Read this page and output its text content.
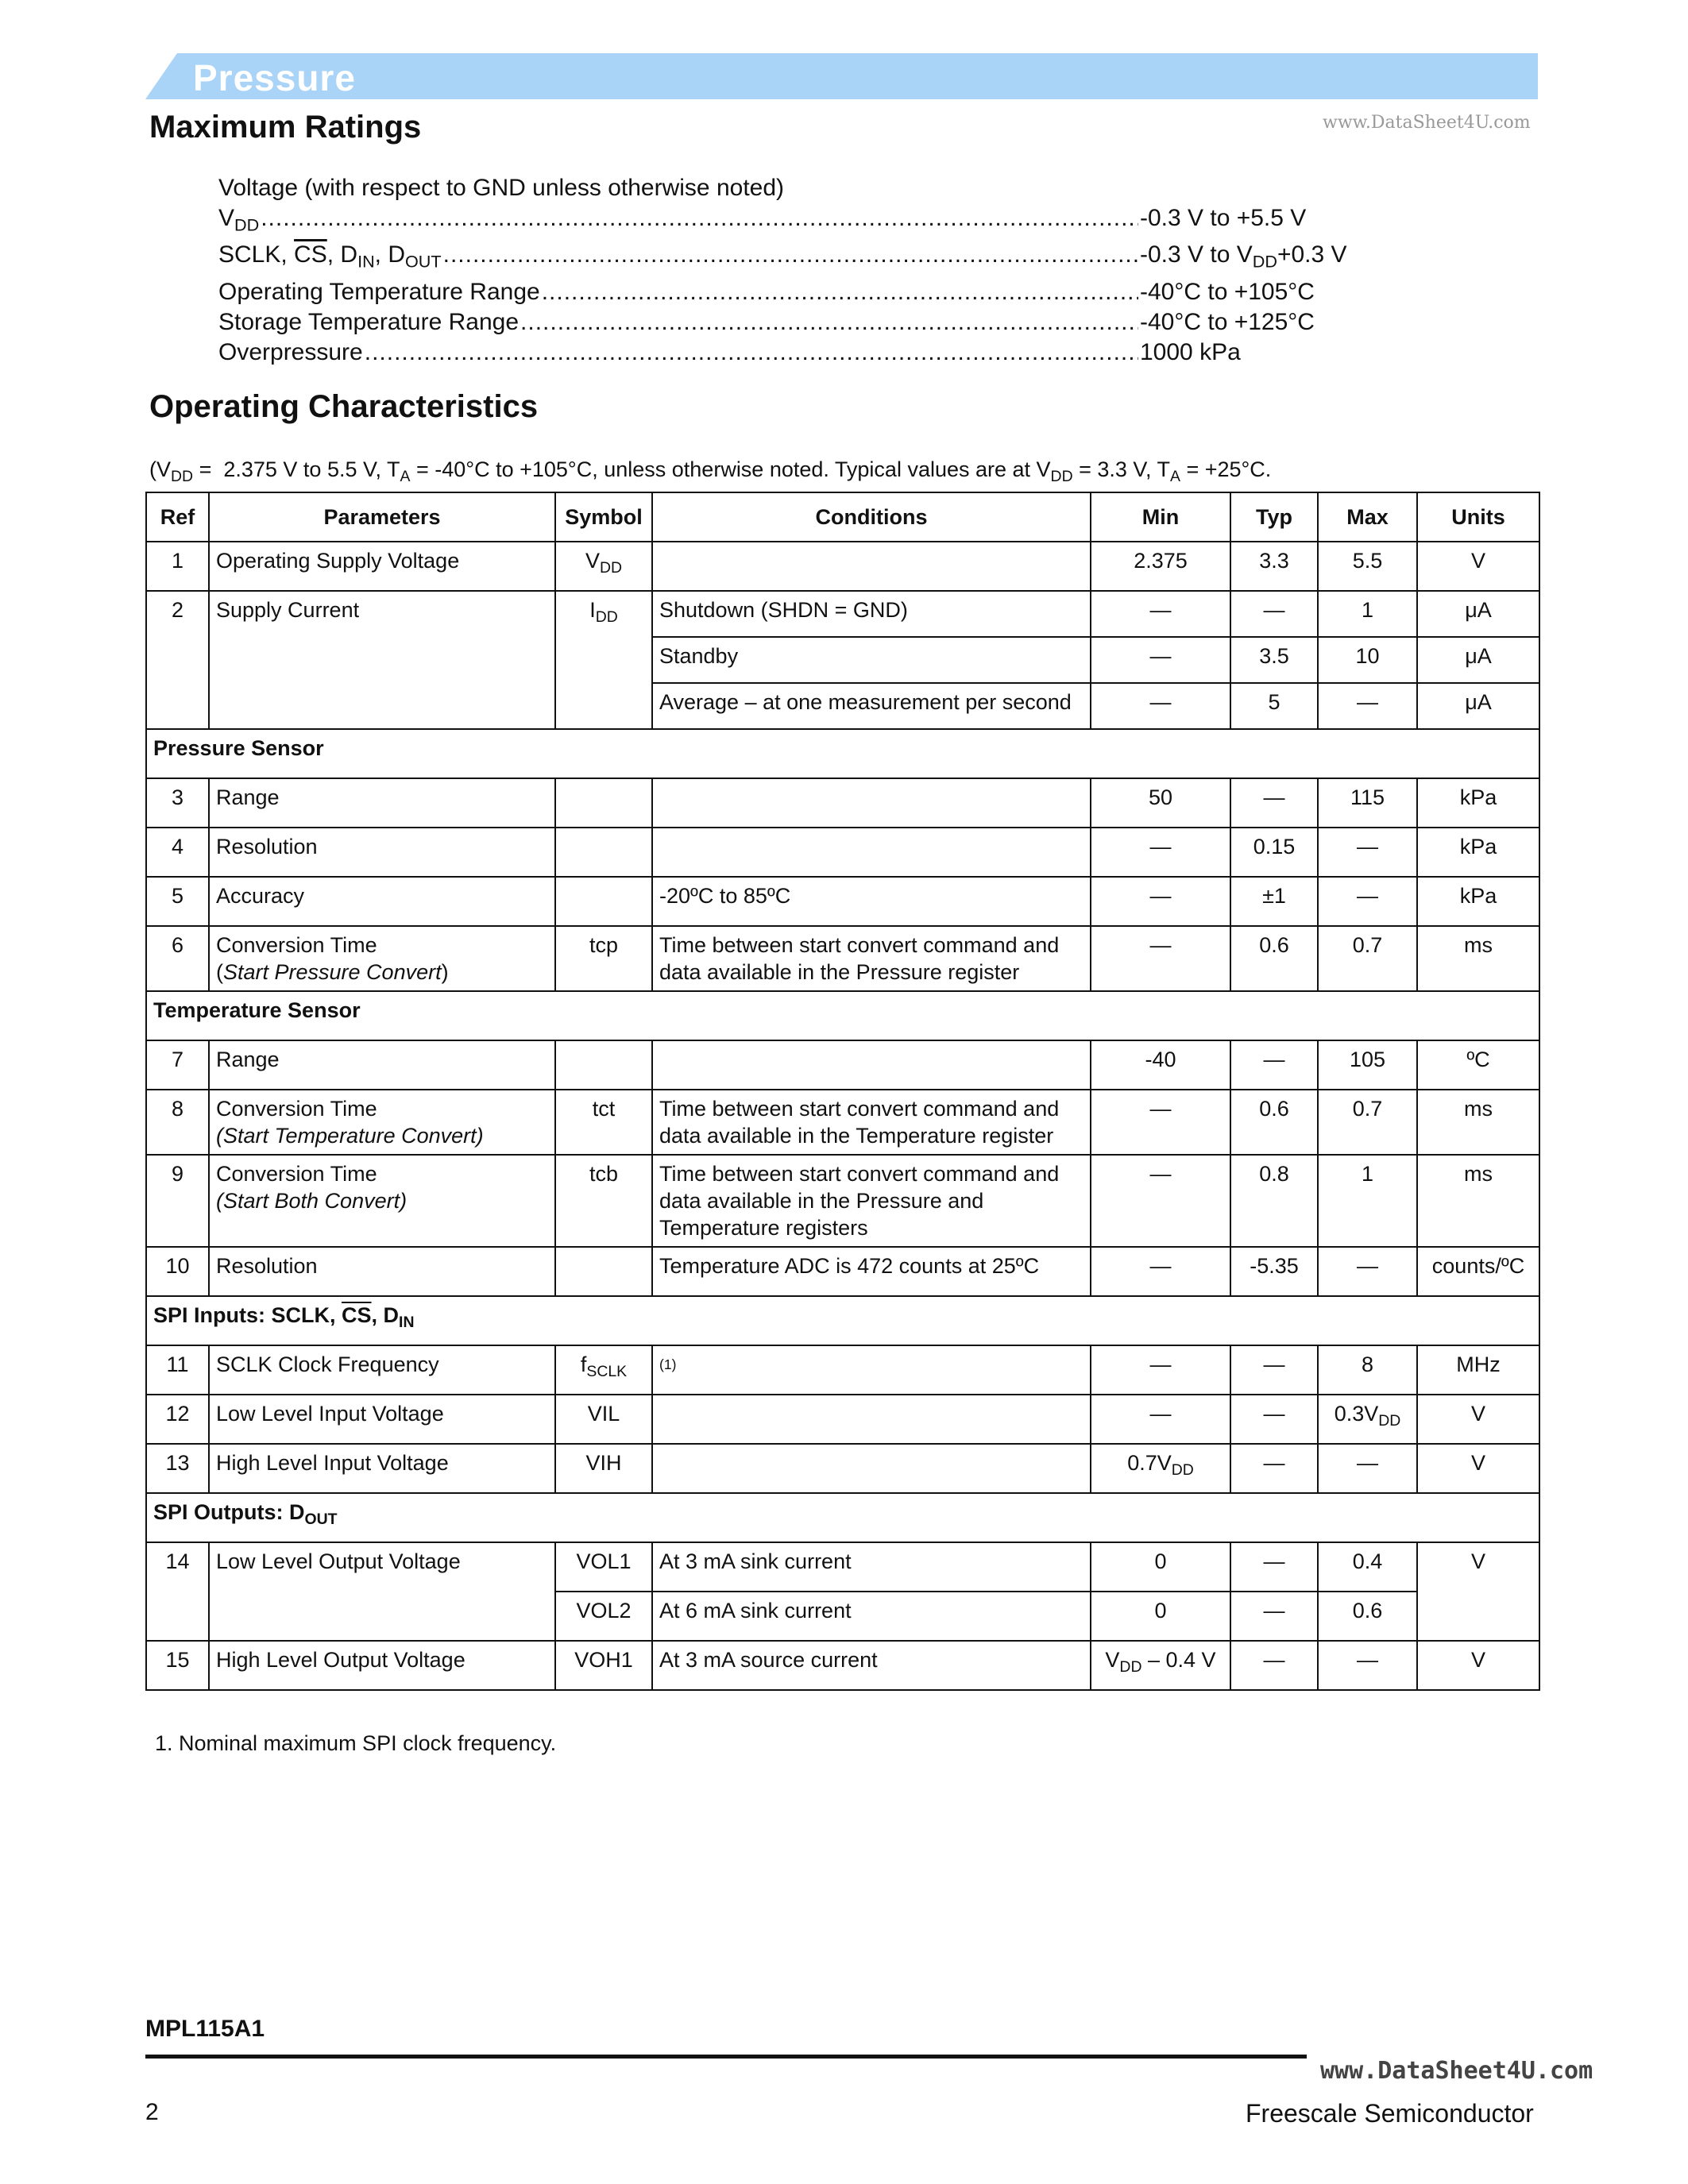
Pressure
www.DataSheet4U.com
Maximum Ratings
Voltage (with respect to GND unless otherwise noted)
$V_{DD}$ .....	-0.3 V to +5.5 V
SCLK, $\overline{CS}$, $D_{IN}$, $D_{OUT}$ .....	-0.3 V to $V_{DD}+0.3$ V
Operating Temperature Range .....	-40°C to +105°C
Storage Temperature Range .....	-40°C to +125°C
Overpressure .....	1000 kPa
Operating Characteristics
($V_{DD} = 2.375$ V to 5.5 V, $T_A = -40^\circ C$ to +105°C, unless otherwise noted. Typical values are at $V_{DD} = 3.3$ V, $T_A = +25^\circ C$.
Ref	Parameters	Symbol	Conditions	Min	Typ	Max	Units
1	Operating Supply Voltage	$V_{DD}$		2.375	3.3	5.5	V
2	Supply Current	$I_{DD}$	Shutdown (SHDN = GND)	—	—	1	μA
			Standby	—	3.5	10	μA
			Average – at one measurement per second	—	5	—	μA
Pressure Sensor							
3	Range			50	—	115	kPa
4	Resolution			—	0.15	—	kPa
5	Accuracy		-20ºC to 85ºC	—	±1	—	kPa
6	Conversion Time
(Start Pressure Convert)	tcp	Time between start convert command and data available in the Pressure register	—	0.6	0.7	ms
Temperature Sensor							
7	Range			-40	—	105	ºC
8	Conversion Time
(Start Temperature Convert)	tct	Time between start convert command and data available in the Temperature register	—	0.6	0.7	ms
9	Conversion Time
(Start Both Convert)	tcb	Time between start convert command and data available in the Pressure and Temperature registers	—	0.8	1	ms
10	Resolution		Temperature ADC is 472 counts at 25ºC	—	-5.35	—	counts/ºC
SPI Inputs: SCLK, $\overline{CS}$, $D_{IN}$
11	SCLK Clock Frequency	$f_{SCLK}$	$^{(1)}$	—	—	8	MHz
12	Low Level Input Voltage	VIL		—	—	$0.3V_{DD}$	V
13	High Level Input Voltage	VIH		$0.7V_{DD}$	—	—	V
SPI Outputs: $D_{OUT}$
14	Low Level Output Voltage	VOL1	At 3 mA sink current	0	—	0.4	V
		VOL2	At 6 mA sink current	0	—	0.6	
15	High Level Output Voltage	VOH1	At 3 mA source current	$V_{DD} - 0.4$ V	—	—	V
1. Nominal maximum SPI clock frequency.
MPL115A1
www.DataSheet4U.com
2	Freescale Semiconductor
